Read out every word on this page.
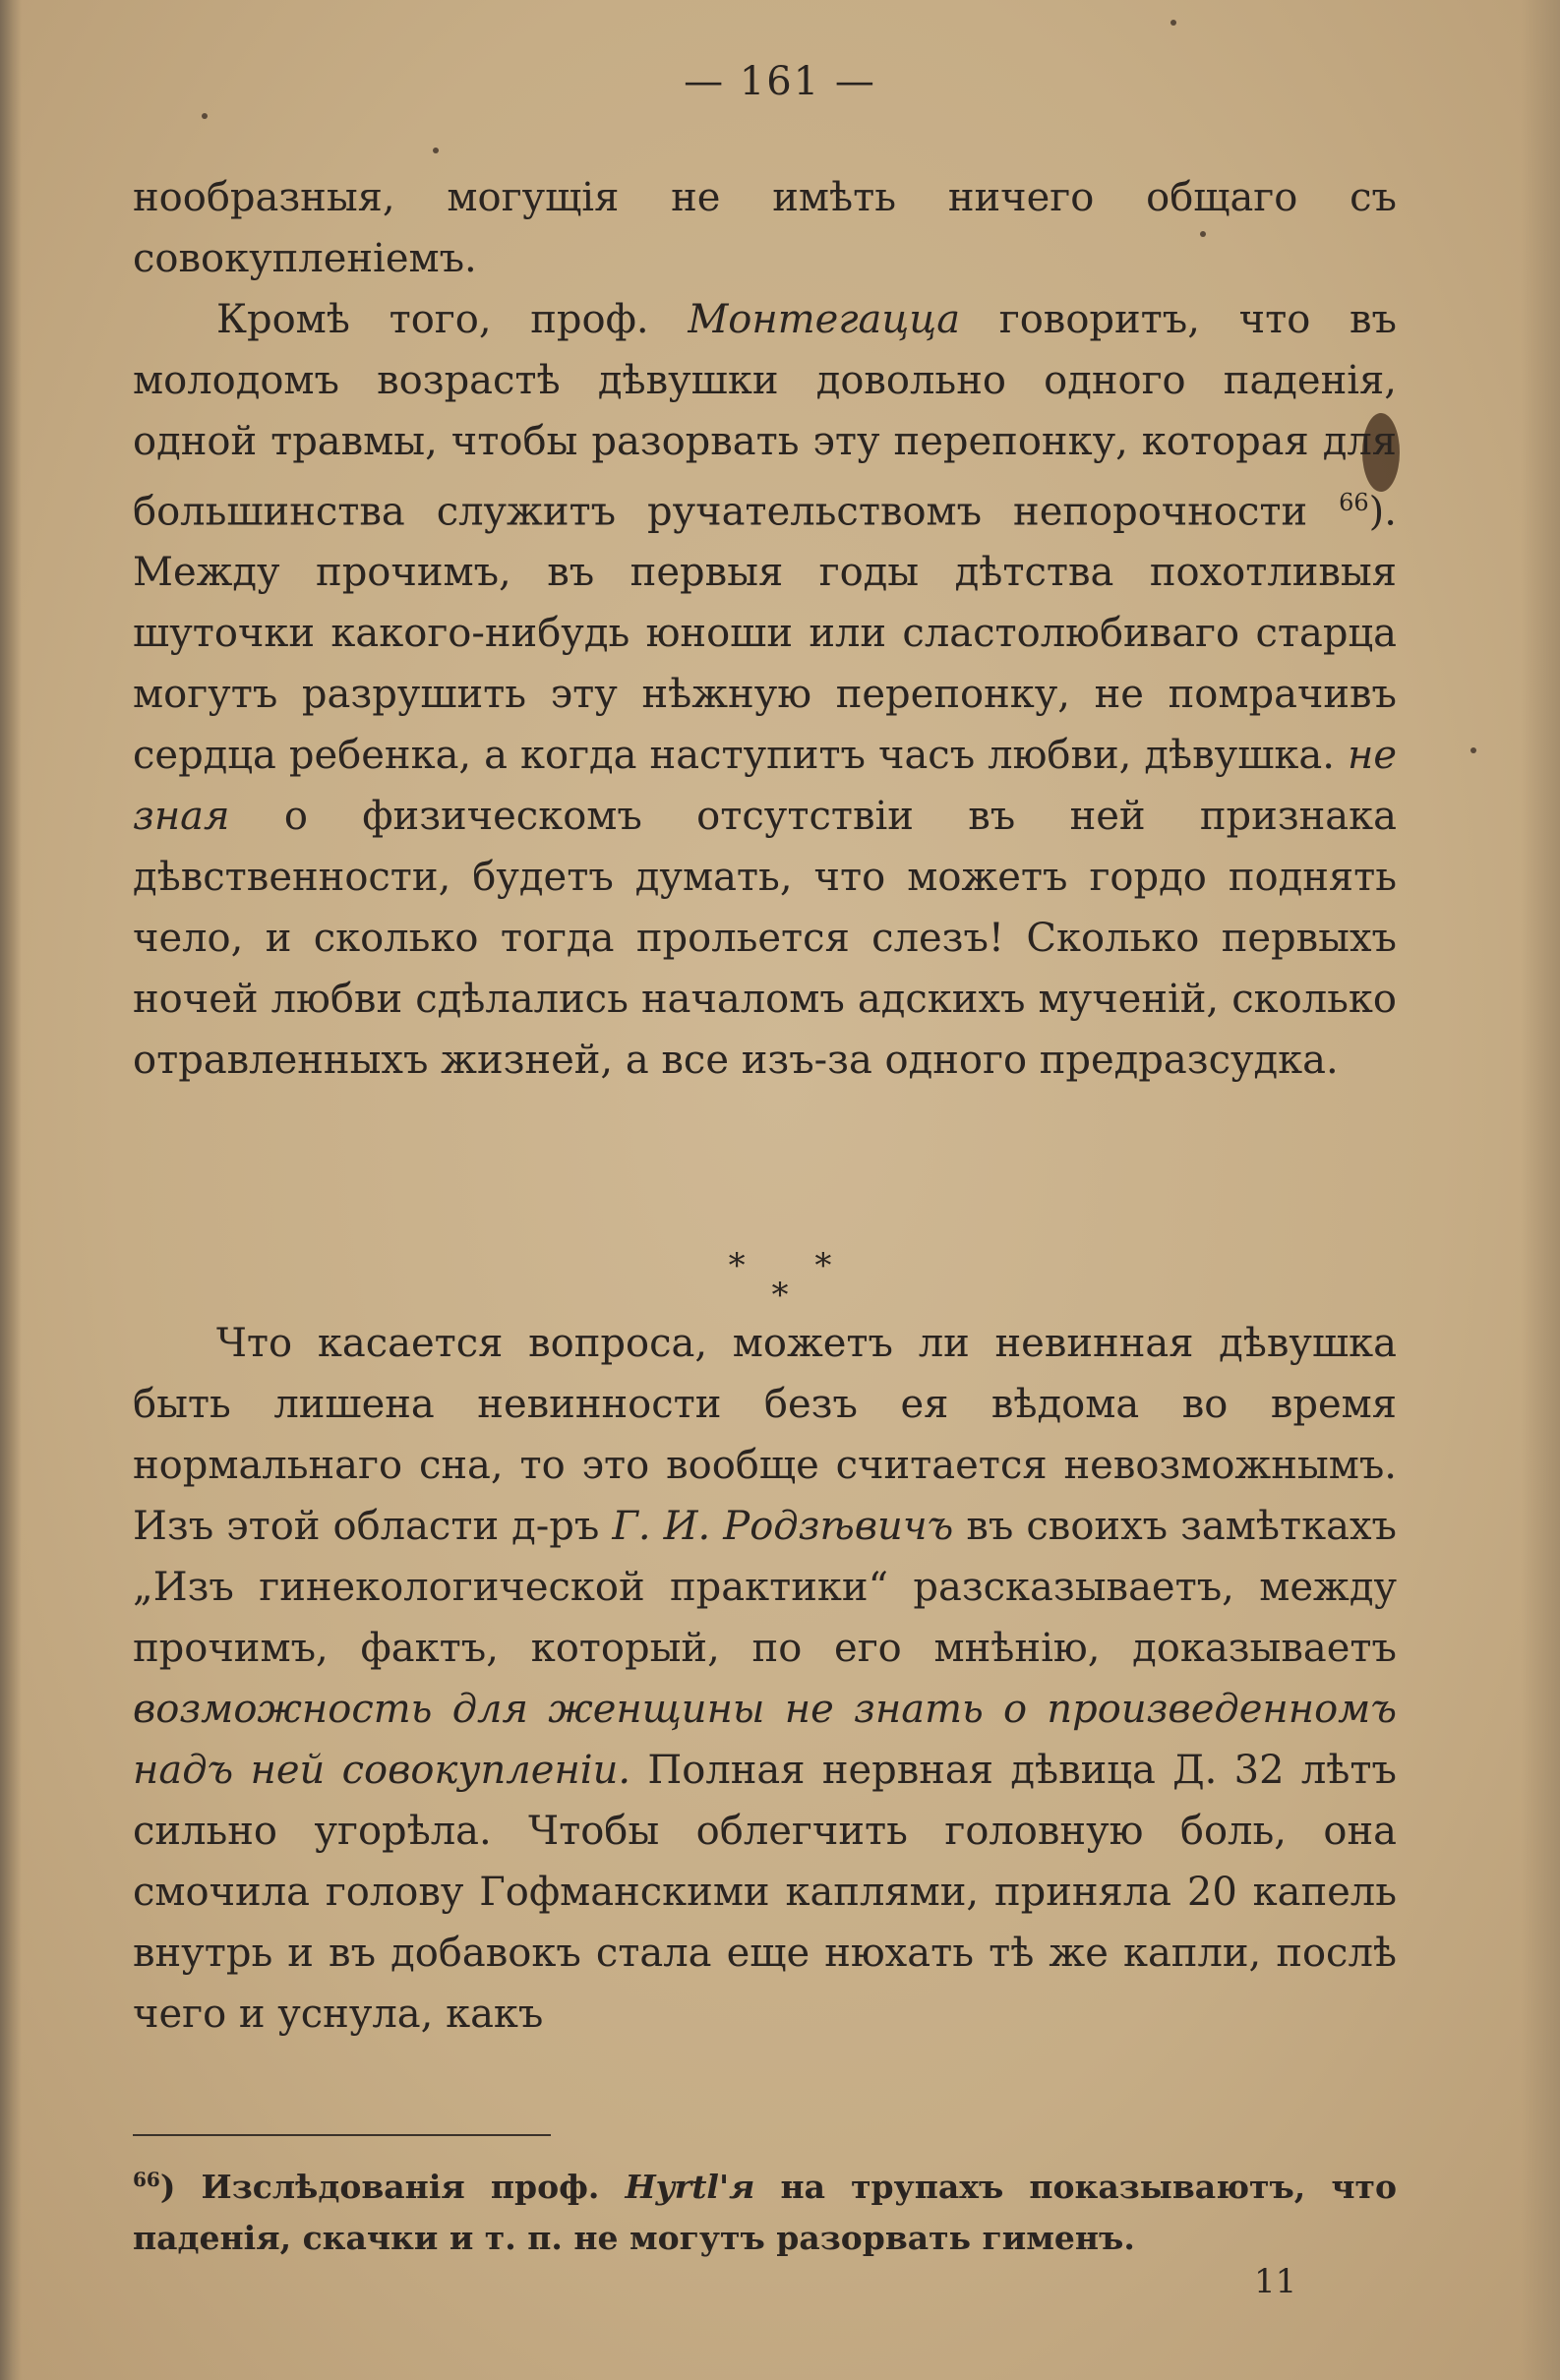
— 161 —

нообразныя, могущія не имѣть ничего общаго съ совокупленіемъ.

Кромѣ того, проф. Монтегацца говоритъ, что въ молодомъ возрастѣ дѣвушки довольно одного паденія, одной травмы, чтобы разорвать эту перепонку, которая для большинства служитъ ручательствомъ непорочности $^{66}$). Между прочимъ, въ первыя годы дѣтства похотливыя шуточки какого-нибудь юноши или сластолюбиваго старца могутъ разрушить эту нѣжную перепонку, не помрачивъ сердца ребенка, а когда наступитъ часъ любви, дѣвушка. не зная о физическомъ отсутствіи въ ней признака дѣвственности, будетъ думать, что можетъ гордо поднять чело, и сколько тогда прольется слезъ! Сколько первыхъ ночей любви сдѣлались началомъ адскихъ мученій, сколько отравленныхъ жизней, а все изъ-за одного предразсудка.

* *
*

Что касается вопроса, можетъ ли невинная дѣвушка быть лишена невинности безъ ея вѣдома во время нормальнаго сна, то это вообще считается невозможнымъ. Изъ этой области д-ръ Г. И. Родзѣвичъ въ своихъ замѣткахъ „Изъ гинекологической практики“ разсказываетъ, между прочимъ, фактъ, который, по его мнѣнію, доказываетъ возможность для женщины не знать о произведенномъ надъ ней совокупленіи. Полная нервная дѣвица Д. 32 лѣтъ сильно угорѣла. Чтобы облегчить головную боль, она смочила голову Гофманскими каплями, приняла 20 капель внутрь и въ добавокъ стала еще нюхать тѣ же капли, послѣ чего и уснула, какъ

$^{66}$) Изслѣдованія проф. Hyrtl'я на трупахъ показываютъ, что паденія, скачки и т. п. не могутъ разорвать гименъ.
11
